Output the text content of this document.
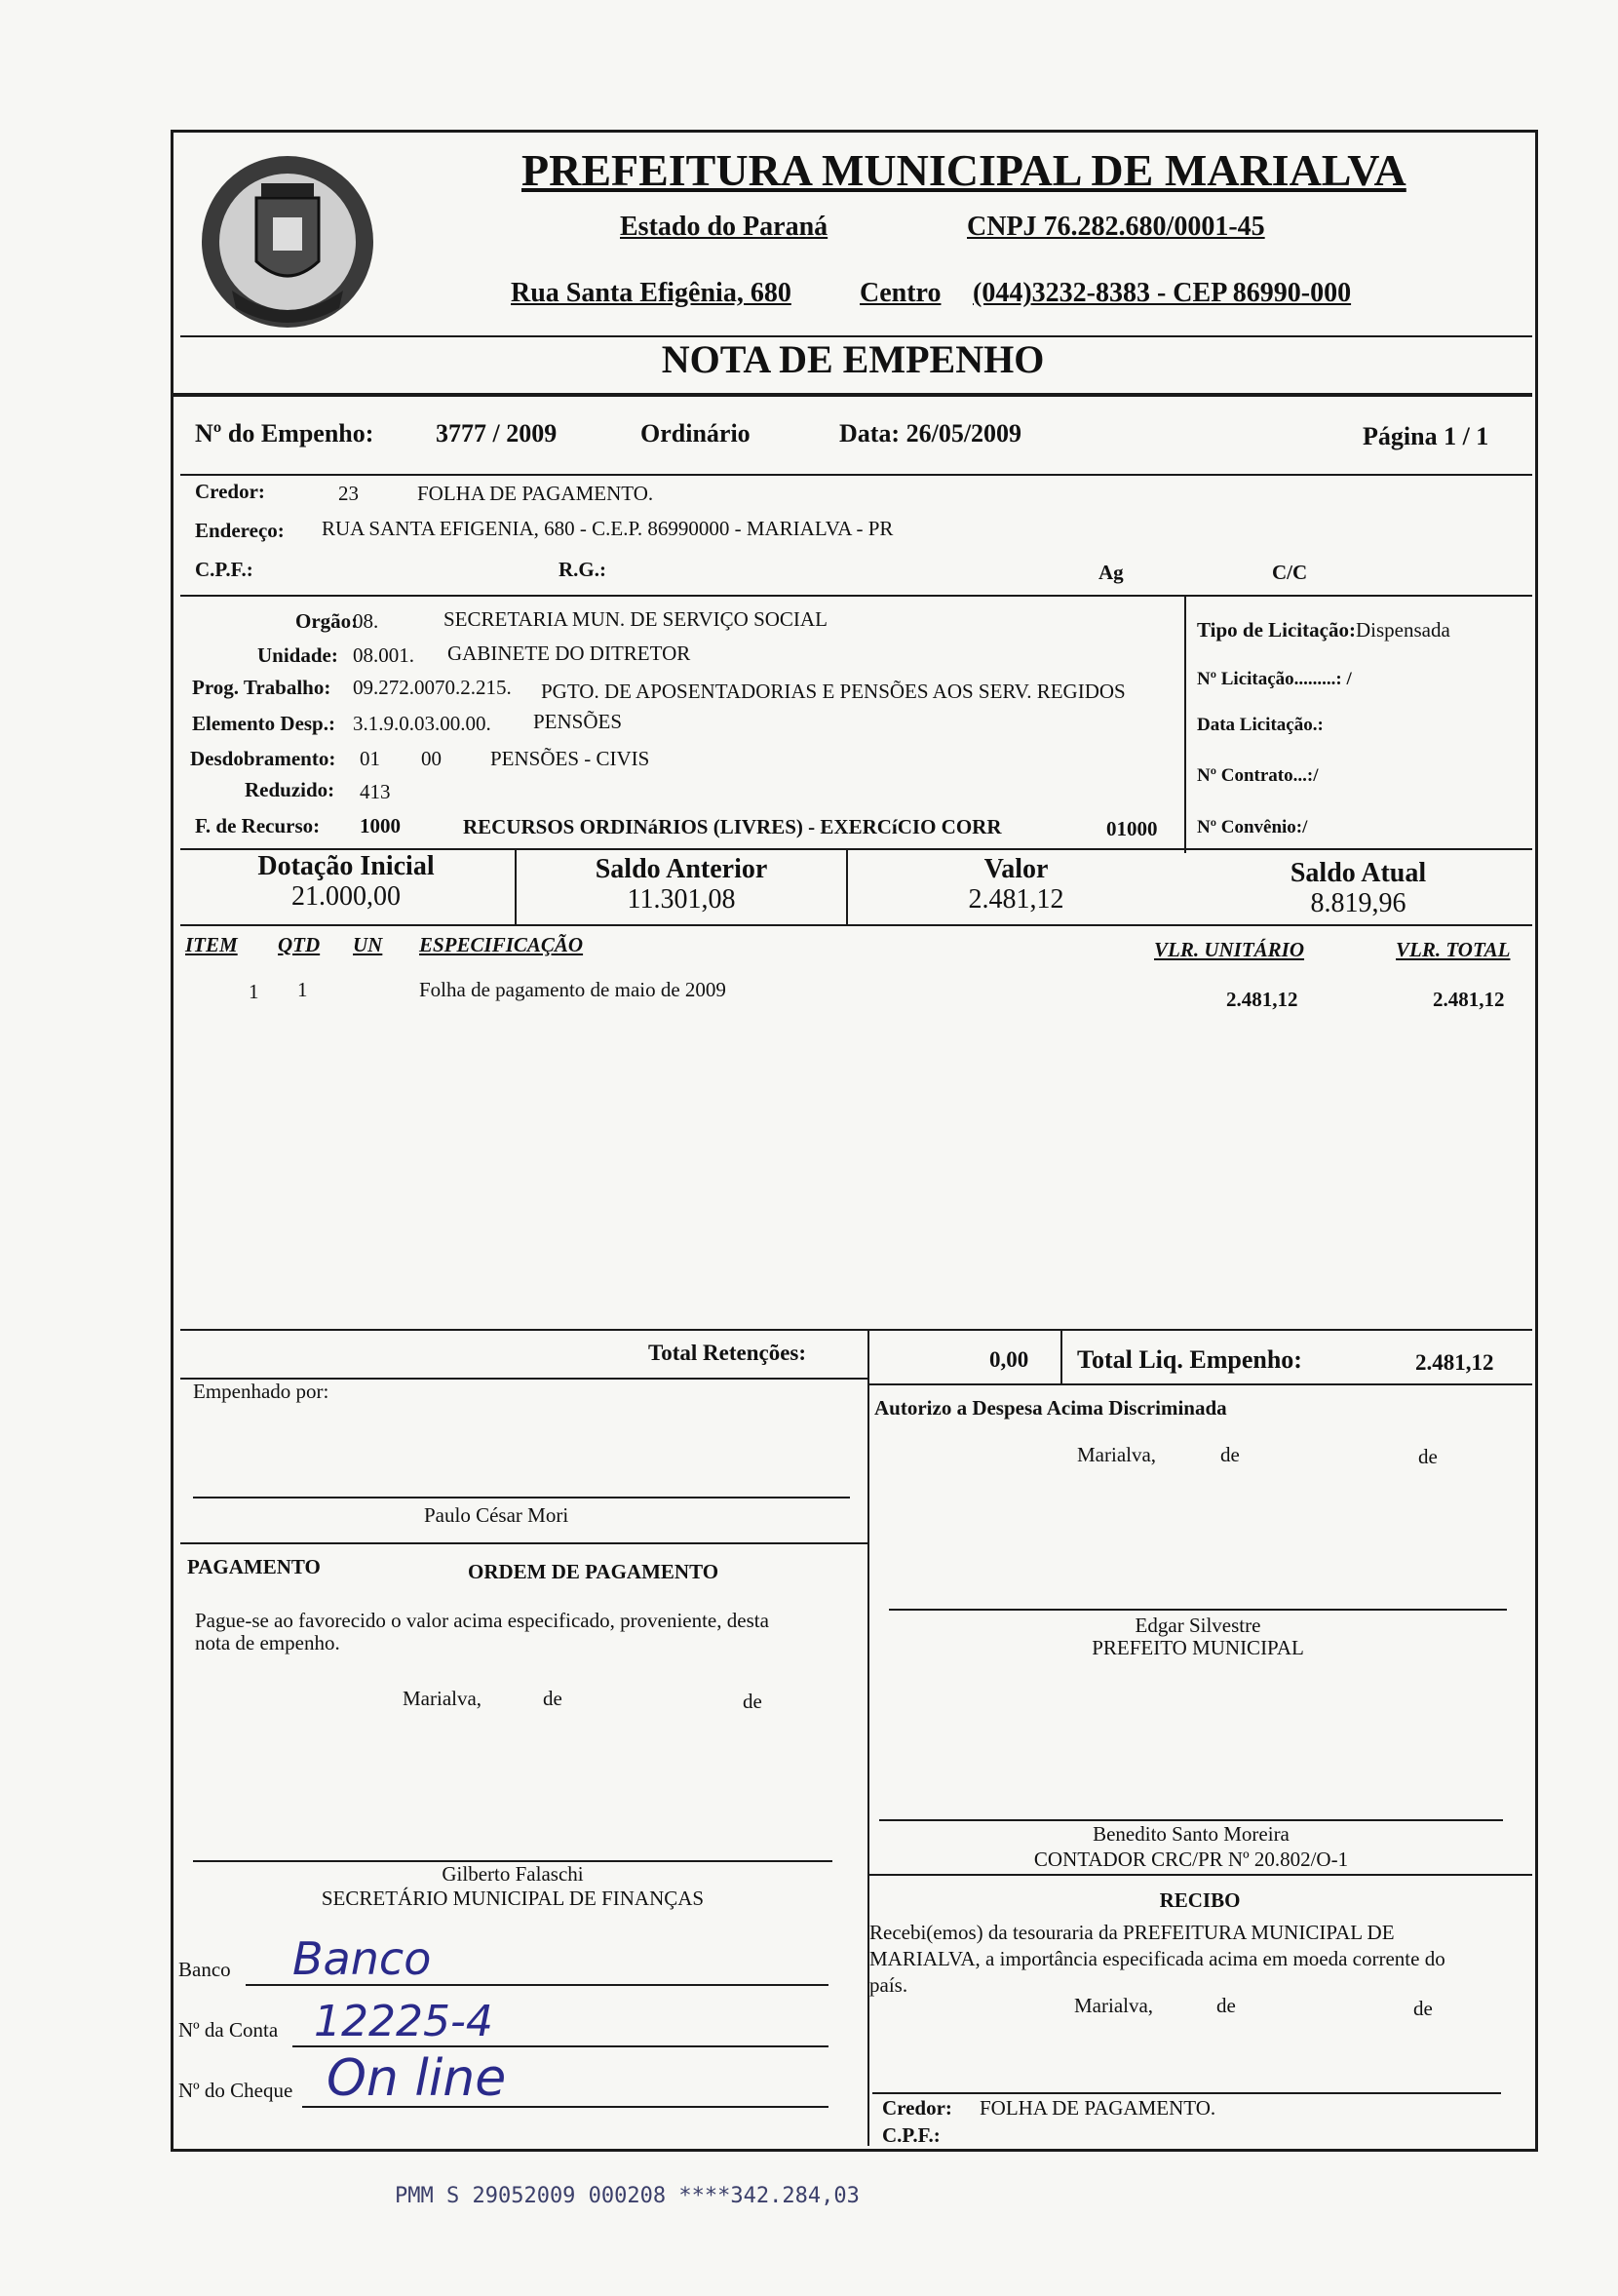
PREFEITURA MUNICIPAL DE MARIALVA
Estado do Paraná	CNPJ 76.282.680/0001-45
Rua Santa Efigênia, 680	Centro (044)3232-8383 - CEP 86990-000
NOTA DE EMPENHO
Nº do Empenho: 3777 / 2009	Ordinário	Data: 26/05/2009	Página 1 / 1
Credor:	23	FOLHA DE PAGAMENTO.
Endereço: RUA SANTA EFIGENIA, 680 - C.E.P. 86990000 - MARIALVA - PR
C.P.F.:	R.G.:	Ag	C/C
Orgão:
08.	SECRETARIA MUN. DE SERVIÇO SOCIAL
Unidade: 08.001. GABINETE DO DITRETOR
Prog. Trabalho: 09.272.0070.2.215. PGTO. DE APOSENTADORIAS E PENSÕES AOS SERV. REGIDOS
Elemento Desp.: 3.1.9.0.03.00.00. PENSÕES
Desdobramento: 01 00 PENSÕES - CIVIS
Reduzido: 413
F. de Recurso: 1000	RECURSOS ORDINáRIOS (LIVRES) - EXERCíCIO CORR	01000
Tipo de Licitação:Dispensada
Nº Licitação.........: /
Data Licitação.:
Nº Contrato...:/
Nº Convênio:/
Dotação Inicial
21.000,00
Saldo Anterior
11.301,08
Valor
2.481,12
Saldo Atual
8.819,96
ITEM QTD UN ESPECIFICAÇÃO	VLR. UNITÁRIO	VLR. TOTAL
1 1	Folha de pagamento de maio de 2009	2.481,12	2.481,12
Total Retenções:	0,00 Total Liq. Empenho:	2.481,12
Empenhado por:
Paulo César Mori
PAGAMENTO	ORDEM DE PAGAMENTO
Pague-se ao favorecido o valor acima especificado, proveniente, desta
nota de empenho.
Marialva,	de	de
Gilberto Falaschi
SECRETÁRIO MUNICIPAL DE FINANÇAS
Banco Banco
Nº da Conta 12225-4
Nº do Cheque On line
Autorizo a Despesa Acima Discriminada
Marialva,	de	de
Edgar Silvestre
PREFEITO MUNICIPAL
Benedito Santo Moreira
CONTADOR CRC/PR Nº 20.802/O-1
RECIBO
Recebi(emos) da tesouraria da PREFEITURA MUNICIPAL DE
MARIALVA, a importância especificada acima em moeda corrente do
país.
Marialva,	de	de
Credor: FOLHA DE PAGAMENTO.
C.P.F.:
PMM S 29052009 000208 ****342.284,03
